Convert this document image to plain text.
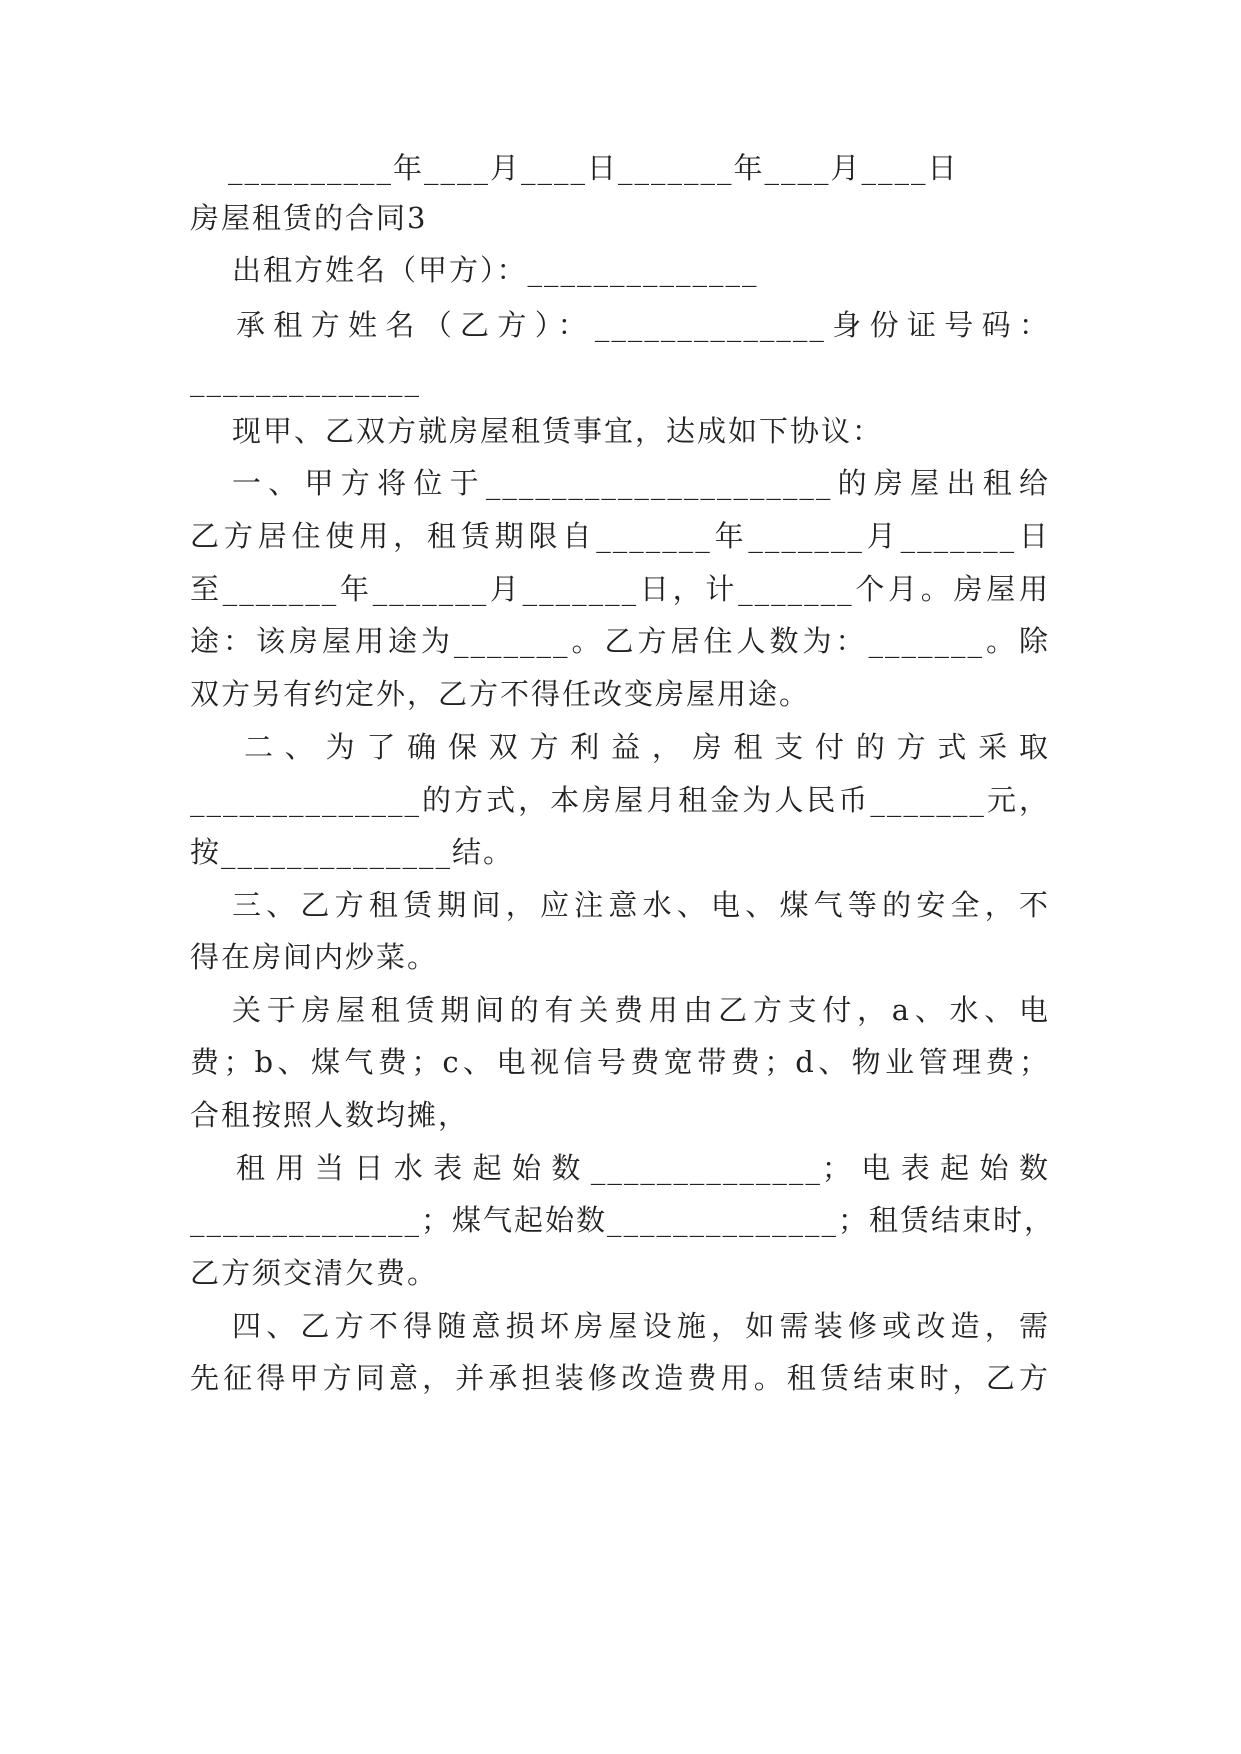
__________年____月____日_______年____月____日
房屋租赁的合同3
出租方姓名（甲方）：______________
承租方姓名（乙方）：______________身份证号码：
______________
现甲、乙双方就房屋租赁事宜，达成如下协议：
一、甲方将位于_____________________的房屋出租给
乙方居住使用，租赁期限自_______年_______月_______日
至_______年_______月_______日，计_______个月。房屋用
途：该房屋用途为_______。乙方居住人数为：_______。除
双方另有约定外，乙方不得任改变房屋用途。
二、为了确保双方利益，房租支付的方式采取
______________的方式，本房屋月租金为人民币_______元，
按______________结。
三、乙方租赁期间，应注意水、电、煤气等的安全，不
得在房间内炒菜。
关于房屋租赁期间的有关费用由乙方支付，a、水、电
费；b、煤气费；c、电视信号费宽带费；d、物业管理费；
合租按照人数均摊，
租用当日水表起始数______________；电表起始数
______________；煤气起始数______________；租赁结束时，
乙方须交清欠费。
四、乙方不得随意损坏房屋设施，如需装修或改造，需
先征得甲方同意，并承担装修改造费用。租赁结束时，乙方
